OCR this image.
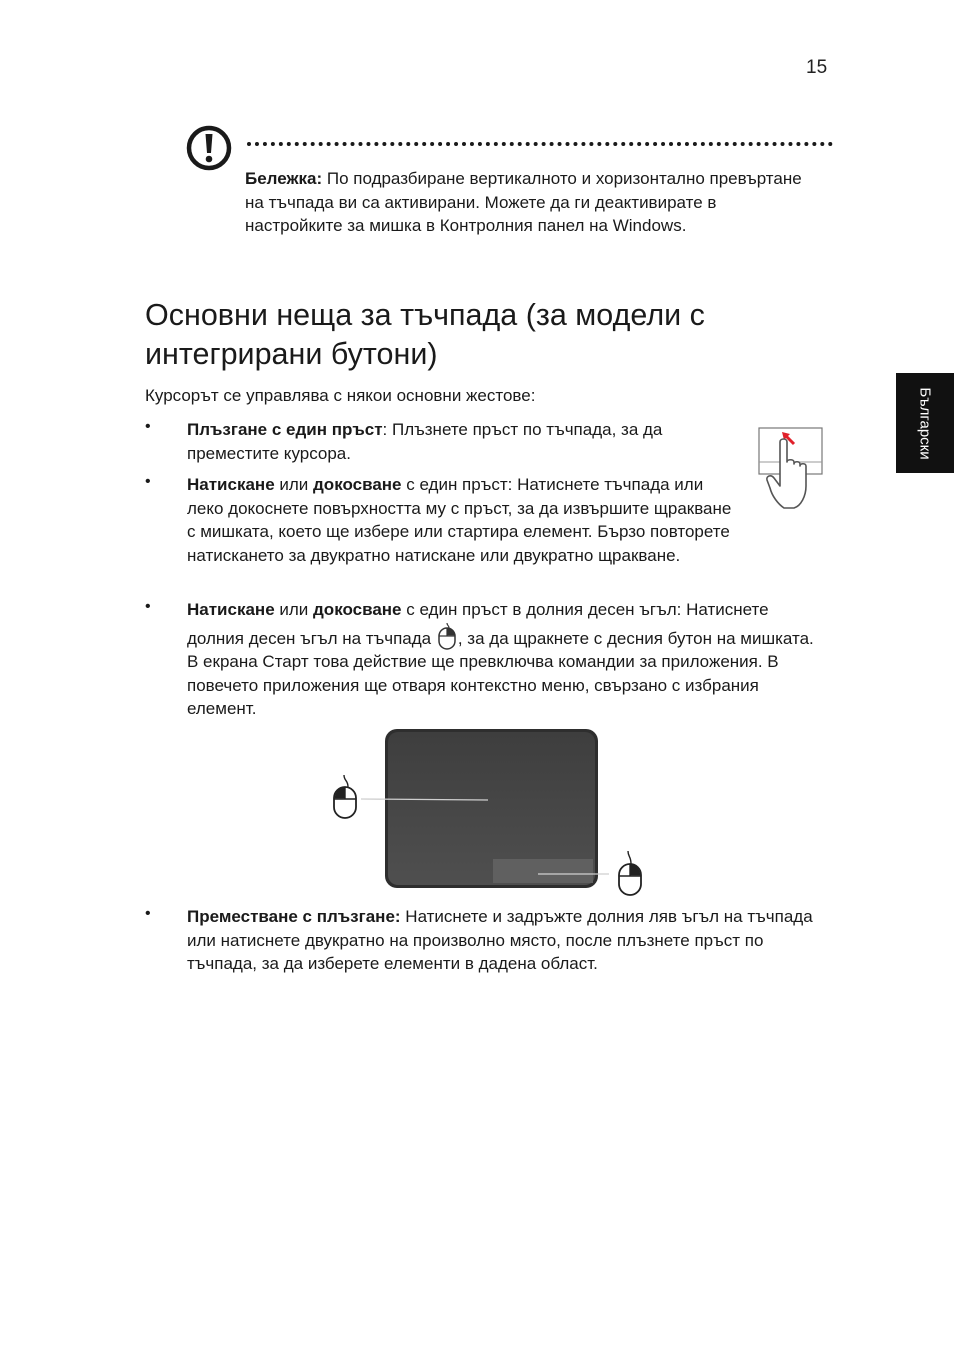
15
Бележка: По подразбиране вертикалното и хоризонтално превъртане на тъчпада ви са активирани. Можете да ги деактивирате в настройките за мишка в Контролния панел на Windows.
Основни неща за тъчпада (за модели с интегрирани бутони)
Курсорът се управлява с някои основни жестове:	Български
• Плъзгане с един пръст: Плъзнете пръст по тъчпада, за да преместите курсора.
• Натискане или докосване с един пръст: Натиснете тъчпада или леко докоснете повърхността му с пръст, за да извършите щракване с мишката, което ще избере или стартира елемент. Бързо повторете натискането за двукратно натискане или двукратно щракване.
• Натискане или докосване с един пръст в долния десен ъгъл: Натиснете долния десен ъгъл на тъчпада
, за да щракнете с десния бутон на мишката. В екрана Старт това действие ще превключва командии за приложения. В повечето приложения ще отваря контекстно меню, свързано с избрания елемент.
• Преместване с плъзгане: Натиснете и задръжте долния ляв ъгъл на тъчпада или натиснете двукратно на произволно място, после плъзнете пръст по тъчпада, за да изберете елементи в дадена област.
